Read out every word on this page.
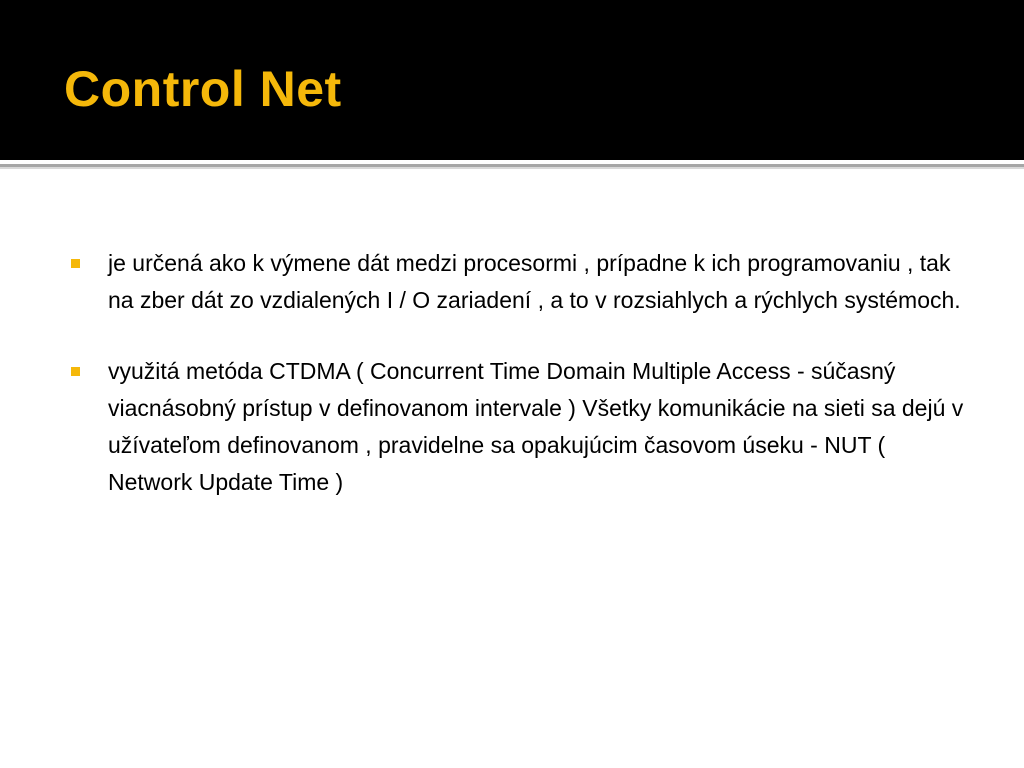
Control Net
je určená ako k výmene dát medzi procesormi , prípadne k ich programovaniu , tak na zber dát zo vzdialených I / O zariadení , a to v rozsiahlych a rýchlych systémoch.
využitá metóda CTDMA ( Concurrent Time Domain Multiple Access - súčasný viacnásobný prístup v definovanom intervale ) Všetky komunikácie na sieti sa dejú v užívateľom definovanom , pravidelne sa opakujúcim časovom úseku - NUT ( Network Update Time )
